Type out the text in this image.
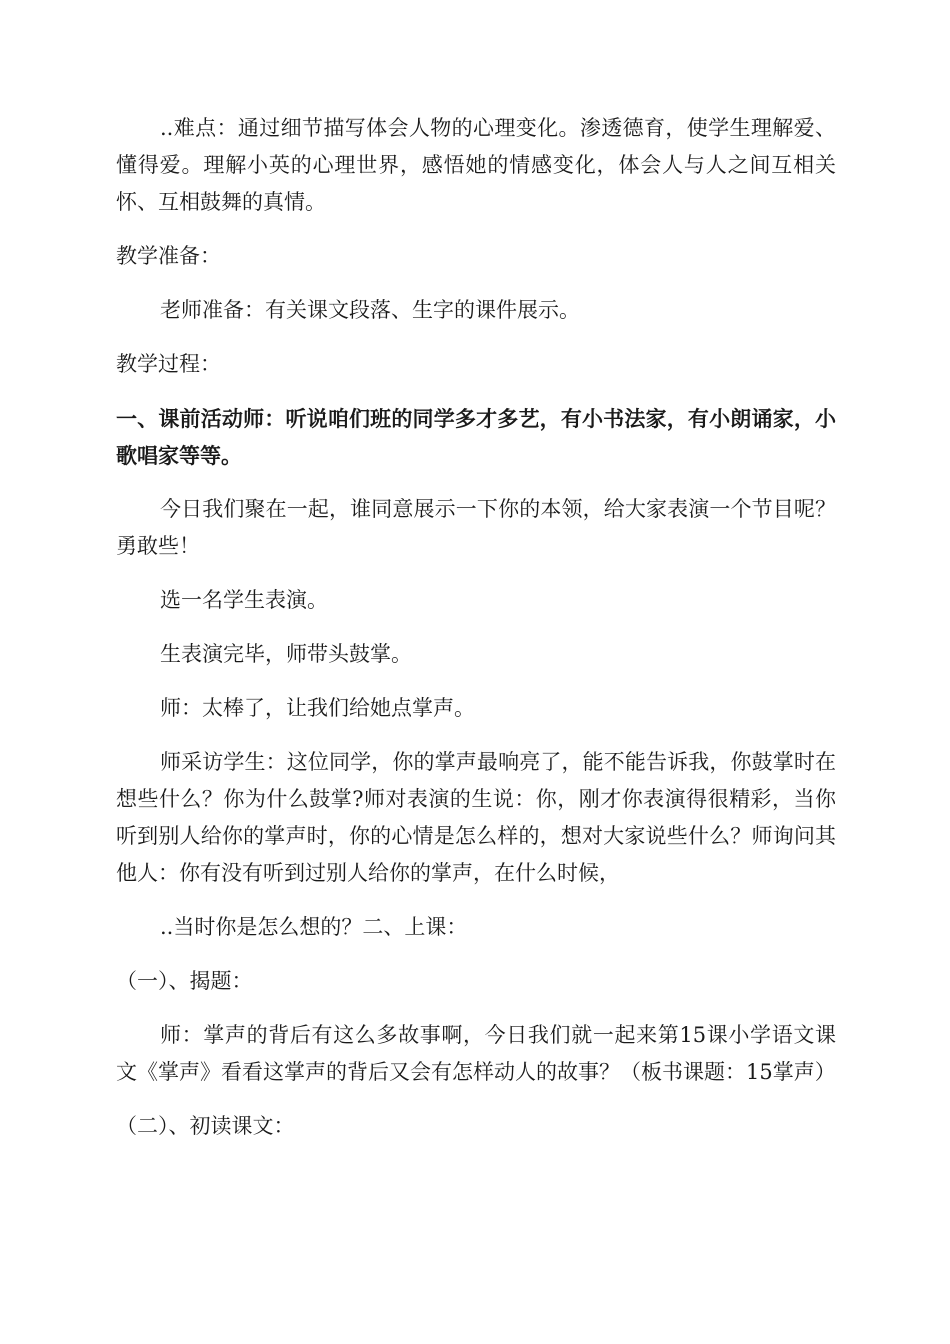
..难点：通过细节描写体会人物的心理变化。渗透德育，使学生理解爱、懂得爱。理解小英的心理世界，感悟她的情感变化，体会人与人之间互相关怀、互相鼓舞的真情。

教学准备：

老师准备：有关课文段落、生字的课件展示。

教学过程：

一、课前活动师：听说咱们班的同学多才多艺，有小书法家，有小朗诵家，小歌唱家等等。

今日我们聚在一起，谁同意展示一下你的本领，给大家表演一个节目呢？勇敢些！

选一名学生表演。

生表演完毕，师带头鼓掌。

师：太棒了，让我们给她点掌声。

师采访学生：这位同学，你的掌声最响亮了，能不能告诉我，你鼓掌时在想些什么？你为什么鼓掌?师对表演的生说：你，刚才你表演得很精彩，当你听到别人给你的掌声时，你的心情是怎么样的，想对大家说些什么？师询问其他人：你有没有听到过别人给你的掌声，在什么时候，

..当时你是怎么想的？二、上课：

（一）、揭题：

师：掌声的背后有这么多故事啊，今日我们就一起来第15课小学语文课文《掌声》看看这掌声的背后又会有怎样动人的故事？（板书课题：15掌声）

（二）、初读课文：
